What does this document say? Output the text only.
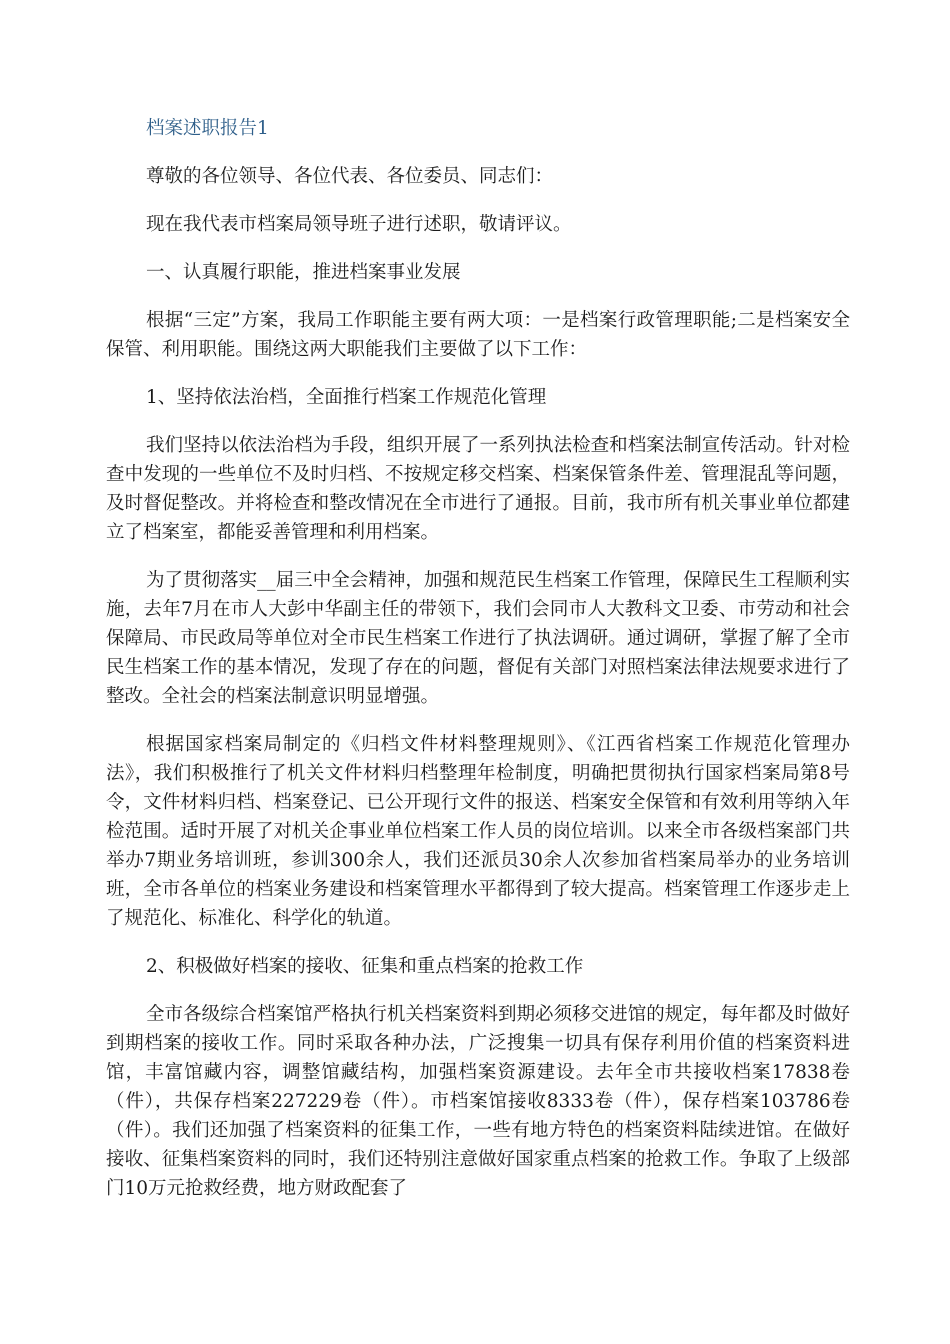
档案述职报告1

尊敬的各位领导、各位代表、各位委员、同志们：

现在我代表市档案局领导班子进行述职，敬请评议。

一、认真履行职能，推进档案事业发展

根据“三定”方案，我局工作职能主要有两大项：一是档案行政管理职能;二是档案安全保管、利用职能。围绕这两大职能我们主要做了以下工作：

1、坚持依法治档，全面推行档案工作规范化管理

我们坚持以依法治档为手段，组织开展了一系列执法检查和档案法制宣传活动。针对检查中发现的一些单位不及时归档、不按规定移交档案、档案保管条件差、管理混乱等问题，及时督促整改。并将检查和整改情况在全市进行了通报。目前，我市所有机关事业单位都建立了档案室，都能妥善管理和利用档案。

为了贯彻落实__届三中全会精神，加强和规范民生档案工作管理，保障民生工程顺利实施，去年7月在市人大彭中华副主任的带领下，我们会同市人大教科文卫委、市劳动和社会保障局、市民政局等单位对全市民生档案工作进行了执法调研。通过调研，掌握了解了全市民生档案工作的基本情况，发现了存在的问题，督促有关部门对照档案法律法规要求进行了整改。全社会的档案法制意识明显增强。

根据国家档案局制定的《归档文件材料整理规则》、《江西省档案工作规范化管理办法》，我们积极推行了机关文件材料归档整理年检制度，明确把贯彻执行国家档案局第8号令，文件材料归档、档案登记、已公开现行文件的报送、档案安全保管和有效利用等纳入年检范围。适时开展了对机关企事业单位档案工作人员的岗位培训。以来全市各级档案部门共举办7期业务培训班，参训300余人，我们还派员30余人次参加省档案局举办的业务培训班，全市各单位的档案业务建设和档案管理水平都得到了较大提高。档案管理工作逐步走上了规范化、标准化、科学化的轨道。

2、积极做好档案的接收、征集和重点档案的抢救工作

全市各级综合档案馆严格执行机关档案资料到期必须移交进馆的规定，每年都及时做好到期档案的接收工作。同时采取各种办法，广泛搜集一切具有保存利用价值的档案资料进馆，丰富馆藏内容，调整馆藏结构，加强档案资源建设。去年全市共接收档案17838卷（件），共保存档案227229卷（件）。市档案馆接收8333卷（件），保存档案103786卷（件）。我们还加强了档案资料的征集工作，一些有地方特色的档案资料陆续进馆。在做好接收、征集档案资料的同时，我们还特别注意做好国家重点档案的抢救工作。争取了上级部门10万元抢救经费，地方财政配套了
